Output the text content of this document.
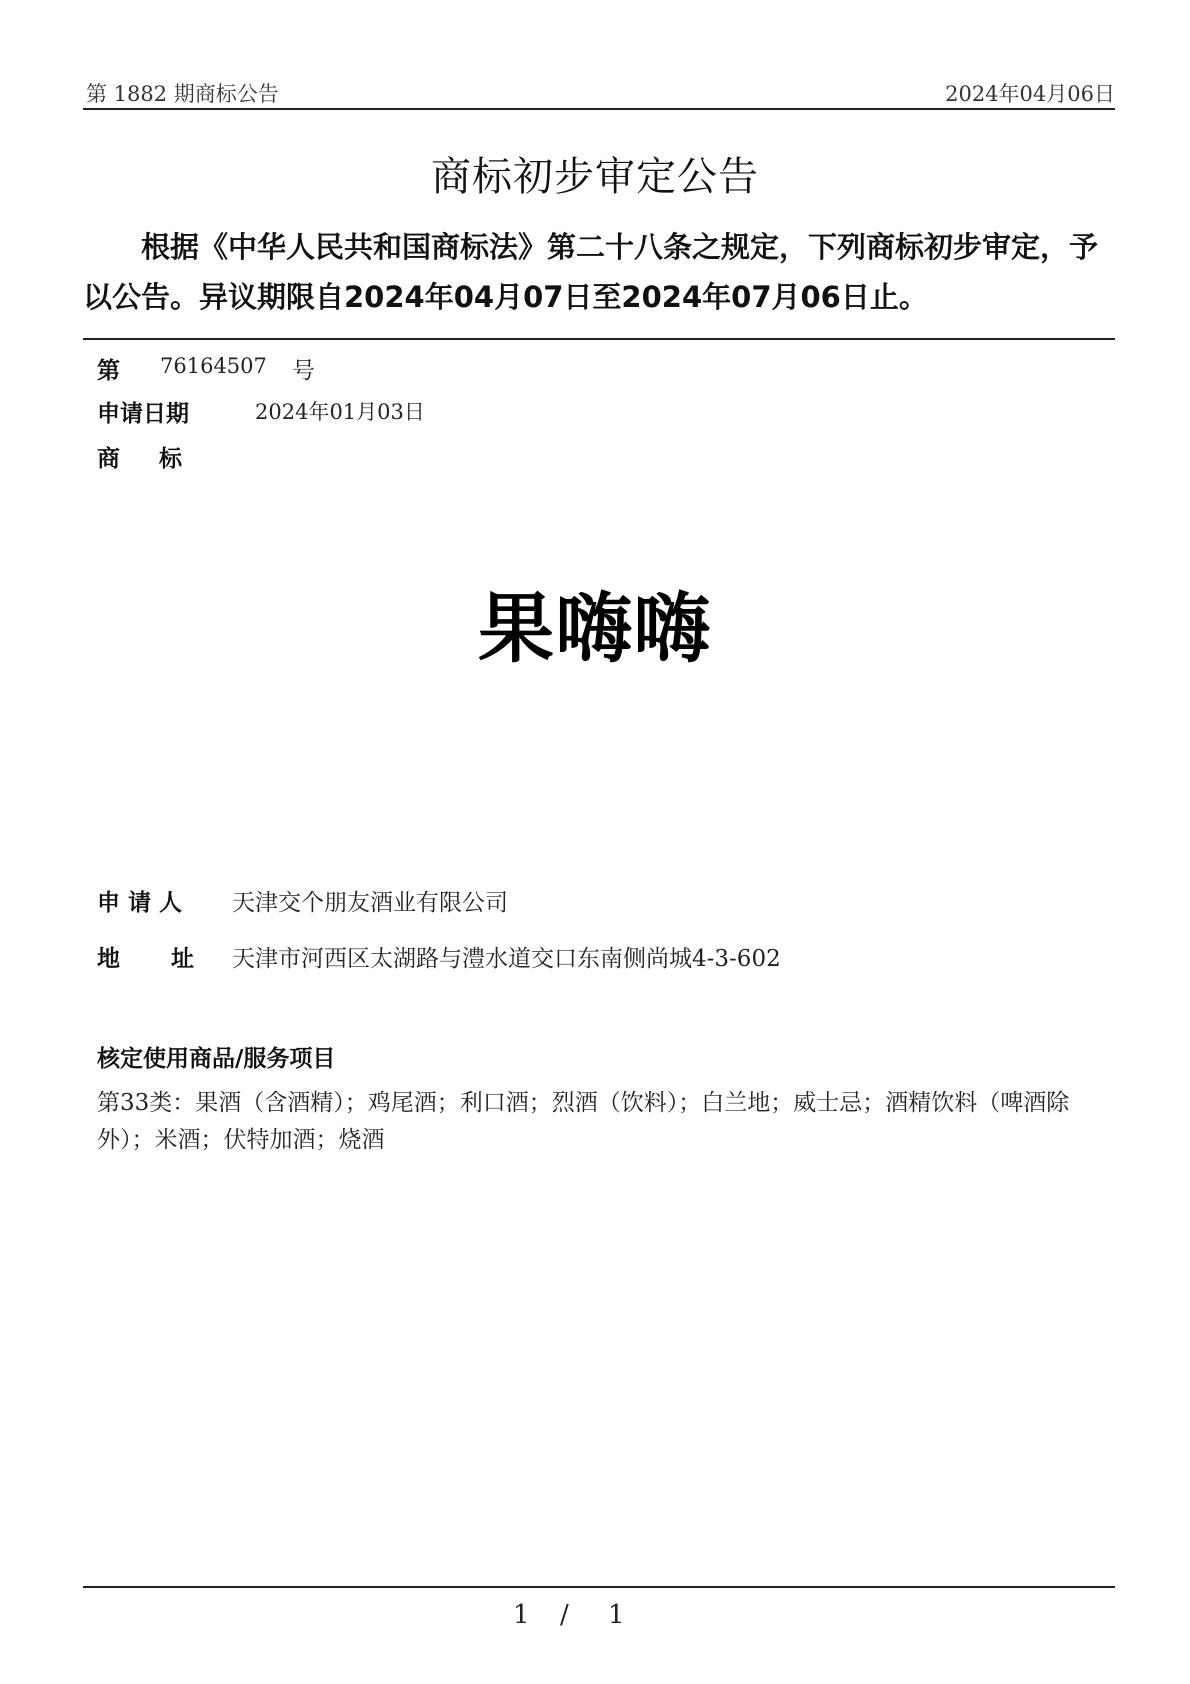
第 1882 期商标公告	2024年04月06日
商标初步审定公告
根据《中华人民共和国商标法》第二十八条之规定，下列商标初步审定，予以公告。异议期限自2024年04月07日至2024年07月06日止。
第 76164507 号
申请日期	2024年01月03日
商　标
果嗨嗨
申 请 人 天津交个朋友酒业有限公司
地　址 天津市河西区太湖路与澧水道交口东南侧尚城4-3-602
核定使用商品/服务项目
第33类：果酒（含酒精）；鸡尾酒；利口酒；烈酒（饮料）；白兰地；威士忌；酒精饮料（啤酒除外）；米酒；伏特加酒；烧酒
1 / 1
